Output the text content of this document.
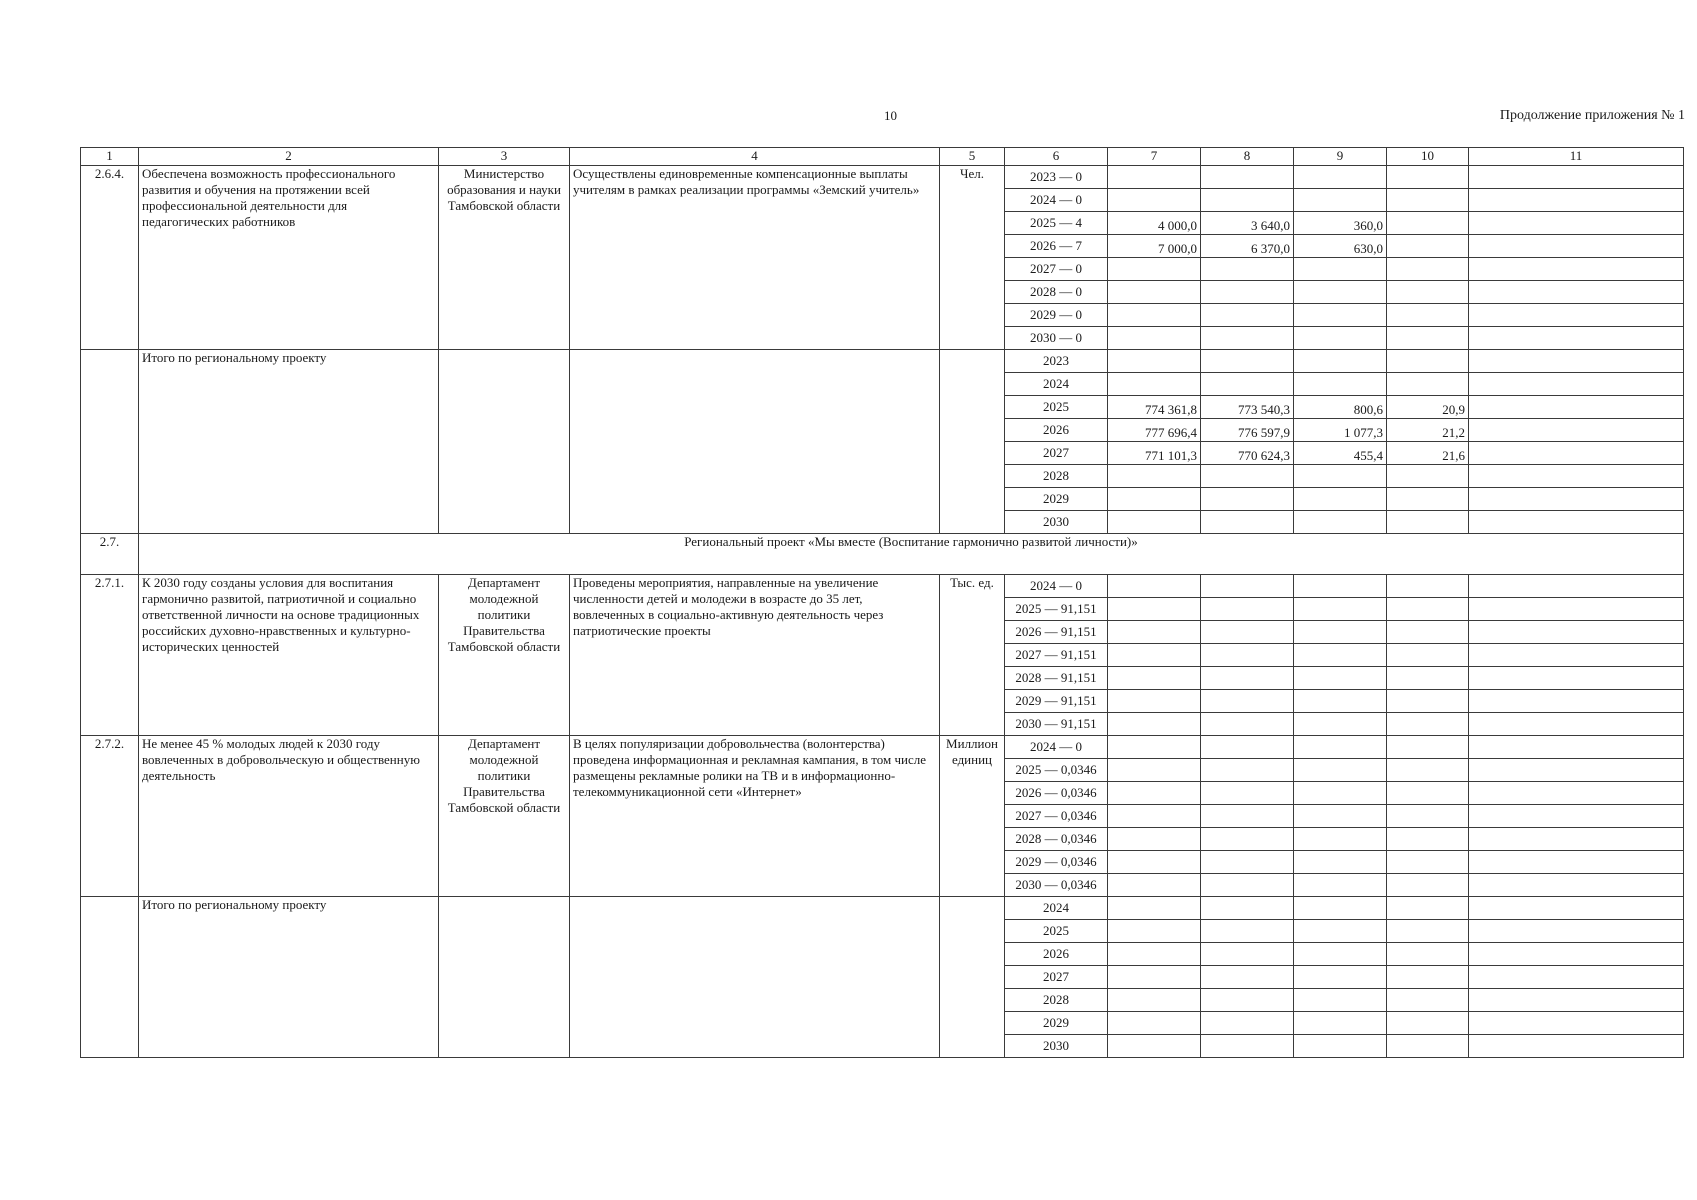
10	Продолжение приложения № 1
1	2	3	4	5	6	7	8	9	10	11
2.6.4.	Обеспечена возможность профессионального развития и обучения на протяжении всей профессиональной деятельности для педагогических работников	Министерство образования и науки Тамбовской области	Осуществлены единовременные компенсационные выплаты учителям в рамках реализации программы «Земский учитель»	Чел.	2023 — 0					
					2024 — 0					
					2025 — 4	4 000,0	3 640,0	360,0		
					2026 — 7	7 000,0	6 370,0	630,0		
					2027 — 0					
					2028 — 0					
					2029 — 0					
					2030 — 0					
	Итого по региональному проекту				2023					
					2024					
					2025	774 361,8	773 540,3	800,6	20,9	
					2026	777 696,4	776 597,9	1 077,3	21,2	
					2027	771 101,3	770 624,3	455,4	21,6	
					2028					
					2029					
					2030					
2.7.	Региональный проект «Мы вместе (Воспитание гармонично развитой личности)»									
2.7.1.	К 2030 году созданы условия для воспитания гармонично развитой, патриотичной и социально ответственной личности на основе традиционных российских духовно-нравственных и культурно-исторических ценностей	Департамент молодежной политики Правительства Тамбовской области	Проведены мероприятия, направленные на увеличение численности детей и молодежи в возрасте до 35 лет, вовлеченных в социально-активную деятельность через патриотические проекты	Тыс. ед.	2024 — 0					
					2025 — 91,151					
					2026 — 91,151					
					2027 — 91,151					
					2028 — 91,151					
					2029 — 91,151					
					2030 — 91,151					
2.7.2.	Не менее 45 % молодых людей к 2030 году вовлеченных в добровольческую и общественную деятельность	Департамент молодежной политики Правительства Тамбовской области	В целях популяризации добровольчества (волонтерства) проведена информационная и рекламная кампания, в том числе размещены рекламные ролики на ТВ и в информационно-телекоммуникационной сети «Интернет»	Миллион единиц	2024 — 0					
					2025 — 0,0346					
					2026 — 0,0346					
					2027 — 0,0346					
					2028 — 0,0346					
					2029 — 0,0346					
					2030 — 0,0346					
	Итого по региональному проекту				2024					
					2025					
					2026					
					2027					
					2028					
					2029					
					2030					
